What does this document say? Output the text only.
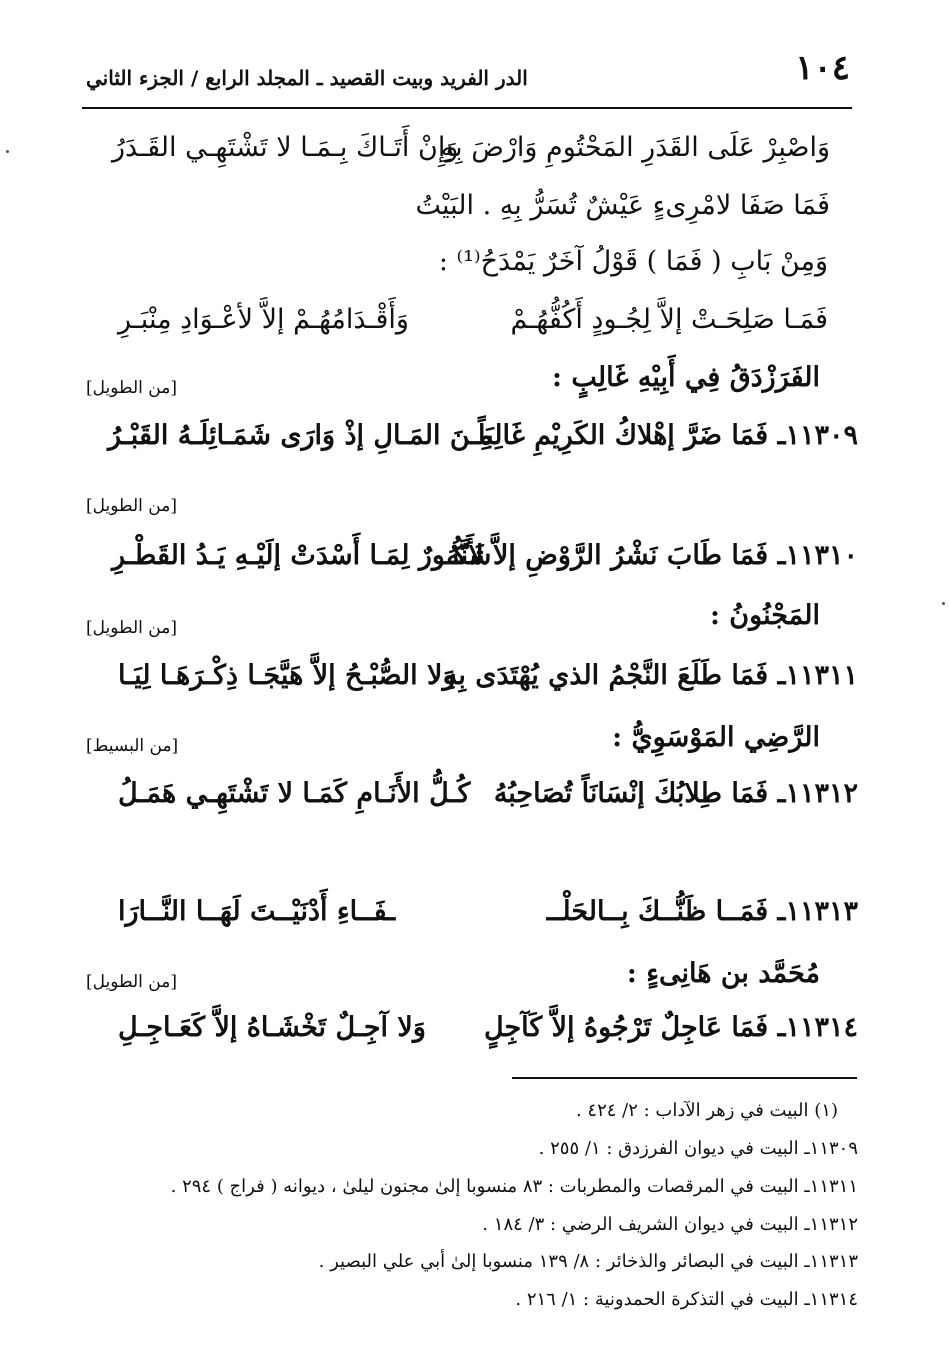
١٠٤
الدر الفريد وبيت القصيد ـ المجلد الرابع / الجزء الثاني
وَاصْبِرْ عَلَى القَدَرِ المَحْتُومِ وَارْضَ بِهِ
وَإِنْ أَتَـاكَ بِـمَـا لا تَشْتَهِـي القَـدَرُ
فَمَا صَفَا لامْرِىءٍ عَيْشٌ تُسَرُّ بِهِ . البَيْتُ
وَمِنْ بَابِ ( فَمَا ) قَوْلُ آخَرٌ يَمْدَحُ⁽¹⁾ :
فَمَـا صَلِحَـتْ إلاَّ لِجُـودٍ أَكُفُّهُـمْ
وَأَقْـدَامُهُـمْ إلاَّ لأعْـوَادِ مِنْبَـرِ
الفَرَزْدَقُ فِي أَبِيْهِ غَالِبٍ :
[من الطويل]
١١٣٠٩ـ فَمَا ضَرَّ إهْلاكُ الكَرِيْمِ غَالِبَاً
مِـنَ المَـالِ إذْ وَارَى شَمَـائِلَـهُ القَبْـرُ
[من الطويل]
١١٣١٠ـ فَمَا طَابَ نَشْرُ الرَّوْضِ إلاَّ لأَنَّهُ
شَكُـورٌ لِمَـا أَسْدَتْ إلَيْـهِ يَـدُ القَطْـرِ
المَجْنُونُ :
[من الطويل]
١١٣١١ـ فَمَا طَلَعَ النَّجْمُ الذي يُهْتَدَى بِهِ
وَلا الصُّبْـحُ إلاَّ هَيَّجَـا ذِكْـرَهَـا لِيَـا
الرَّضِي المَوْسَوِيُّ :
[من البسيط]
١١٣١٢ـ فَمَا طِلابُكَ إنْسَانَاً تُصَاحِبُهُ
كُـلُّ الأَنَـامِ كَمَـا لا تَشْتَهِـي هَمَـلُ
١١٣١٣ـ فَمَــا ظَنُّــكَ بِــالحَلْــ
ـفَــاءِ أَدْنَيْــتَ لَهَــا النَّــارَا
مُحَمَّد بن هَانِىءٍ :
[من الطويل]
١١٣١٤ـ فَمَا عَاجِلٌ تَرْجُوهُ إلاَّ كَآجِلٍ
وَلا آجِـلٌ تَخْشَـاهُ إلاَّ كَعَـاجِـلِ
(١) البيت في زهر الآداب : ٢/ ٤٢٤ .
١١٣٠٩ـ البيت في ديوان الفرزدق : ١/ ٢٥٥ .
١١٣١١ـ البيت في المرقصات والمطربات : ٨٣ منسوبا إلىٰ مجنون ليلىٰ ، ديوانه ( فراج ) ٢٩٤ .
١١٣١٢ـ البيت في ديوان الشريف الرضي : ٣/ ١٨٤ .
١١٣١٣ـ البيت في البصائر والذخائر : ٨/ ١٣٩ منسوبا إلىٰ أبي علي البصير .
١١٣١٤ـ البيت في التذكرة الحمدونية : ١/ ٢١٦ .
